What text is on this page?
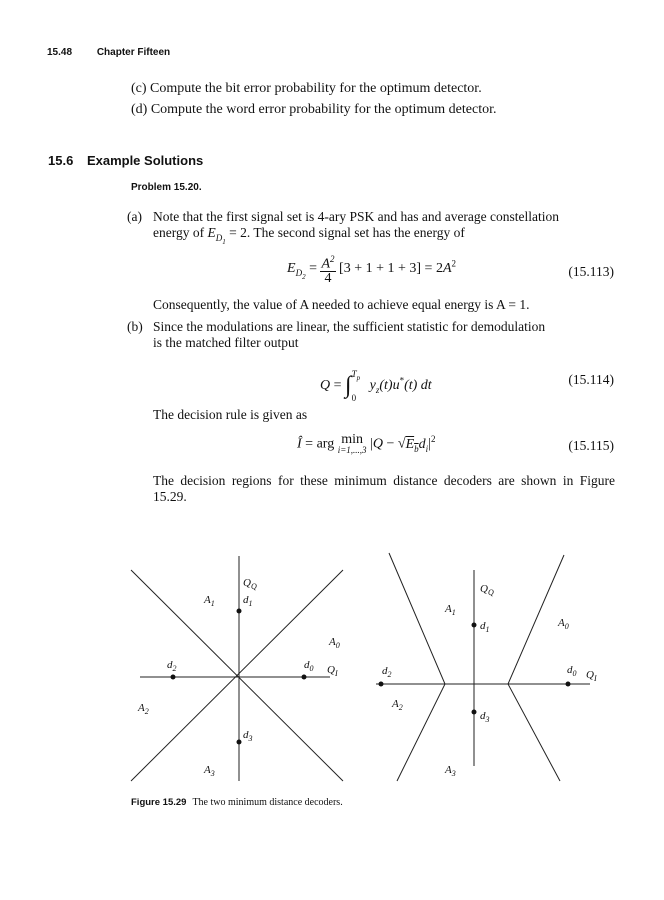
15.48 Chapter Fifteen
(c) Compute the bit error probability for the optimum detector.
(d) Compute the word error probability for the optimum detector.
15.6 Example Solutions
Problem 15.20.
(a) Note that the first signal set is 4-ary PSK and has and average constellation
energy of $E_{D_1} = 2$. The second signal set has the energy of
$E_{D_2} = \frac{A^2}{4} [3 + 1 + 1 + 3] = 2A^2$
(15.113)
Consequently, the value of A needed to achieve equal energy is A = 1.
(b) Since the modulations are linear, the sufficient statistic for demodulation
is the matched filter output
Q = ∫ $T_p$
0
$y_z(t)u^*(t)$ dt	(15.114)
The decision rule is given as
Î = arg min
i=1,...,3 $|Q - √E_bd_i|^2$	(15.115)
The decision regions for these minimum distance decoders are shown in Figure 15.29.
$Q_Q$
$d_1$
$A_1$
$A_0$
$d_0$ $Q_I$
$d_2$
$A_2$
$d_3$
$A_3$
$Q_Q$
$A_1$
$d_1$
$A_0$
$d_0$ $Q_I$
$d_2$
$A_2$
$d_3$
$A_3$
Figure 15.29 The two minimum distance decoders.
